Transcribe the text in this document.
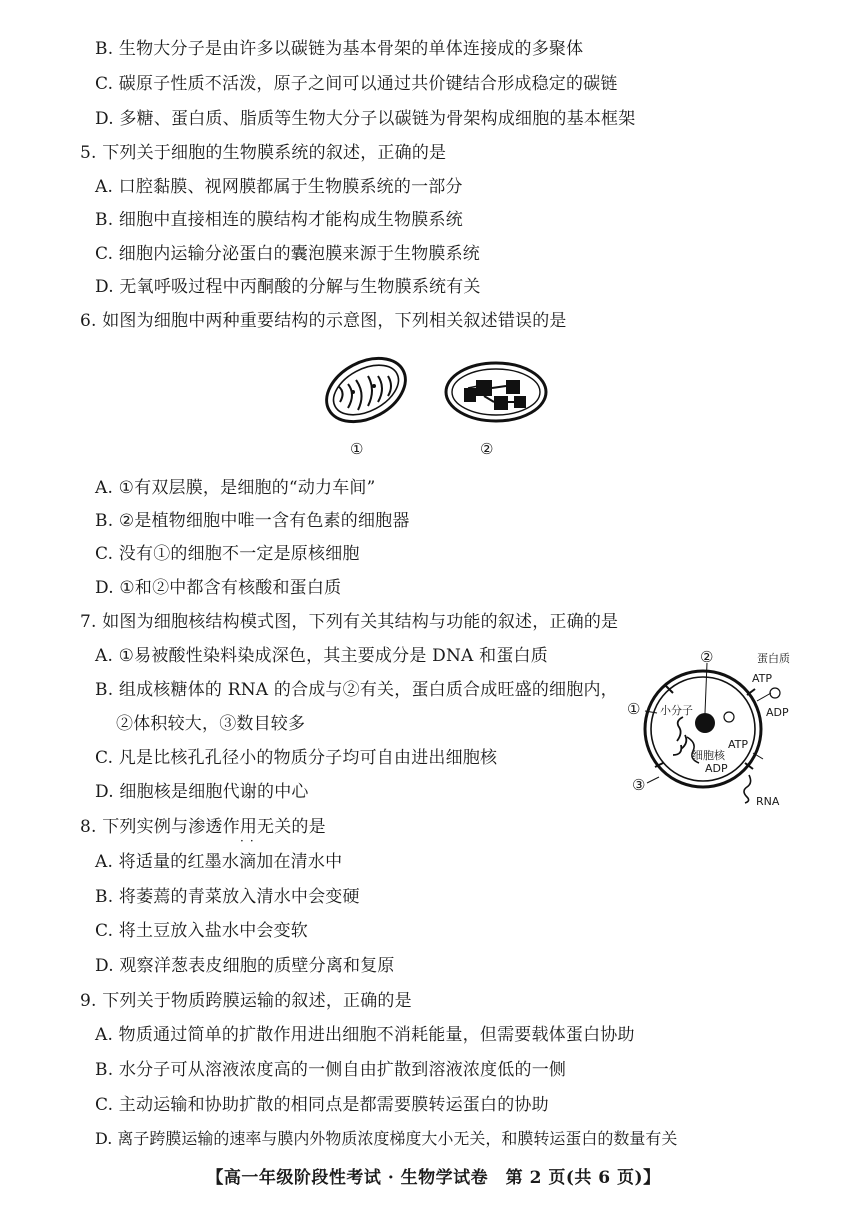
B. 生物大分子是由许多以碳链为基本骨架的单体连接成的多聚体
C. 碳原子性质不活泼，原子之间可以通过共价键结合形成稳定的碳链
D. 多糖、蛋白质、脂质等生物大分子以碳链为骨架构成细胞的基本框架
5. 下列关于细胞的生物膜系统的叙述，正确的是
A. 口腔黏膜、视网膜都属于生物膜系统的一部分
B. 细胞中直接相连的膜结构才能构成生物膜系统
C. 细胞内运输分泌蛋白的囊泡膜来源于生物膜系统
D. 无氧呼吸过程中丙酮酸的分解与生物膜系统有关
6. 如图为细胞中两种重要结构的示意图，下列相关叙述错误的是
①	②
A. ①有双层膜，是细胞的“动力车间”
B. ②是植物细胞中唯一含有色素的细胞器
C. 没有①的细胞不一定是原核细胞
D. ①和②中都含有核酸和蛋白质
7. 如图为细胞核结构模式图，下列有关其结构与功能的叙述，正确的是
A. ①易被酸性染料染成深色，其主要成分是 DNA 和蛋白质
B. 组成核糖体的 RNA 的合成与②有关，蛋白质合成旺盛的细胞内，
②体积较大，③数目较多
C. 凡是比核孔孔径小的物质分子均可自由进出细胞核
D. 细胞核是细胞代谢的中心
②	蛋白质
ATP
① 小分子	ADP
ATP
细胞核
③
ADP
RNA
8. 下列实例与渗透作用无关的是
··
A. 将适量的红墨水滴加在清水中
B. 将萎蔫的青菜放入清水中会变硬
C. 将土豆放入盐水中会变软
D. 观察洋葱表皮细胞的质壁分离和复原
9. 下列关于物质跨膜运输的叙述，正确的是
A. 物质通过简单的扩散作用进出细胞不消耗能量，但需要载体蛋白协助
B. 水分子可从溶液浓度高的一侧自由扩散到溶液浓度低的一侧
C. 主动运输和协助扩散的相同点是都需要膜转运蛋白的协助
D. 离子跨膜运输的速率与膜内外物质浓度梯度大小无关，和膜转运蛋白的数量有关
【高一年级阶段性考试 · 生物学试卷　第 2 页(共 6 页)】
